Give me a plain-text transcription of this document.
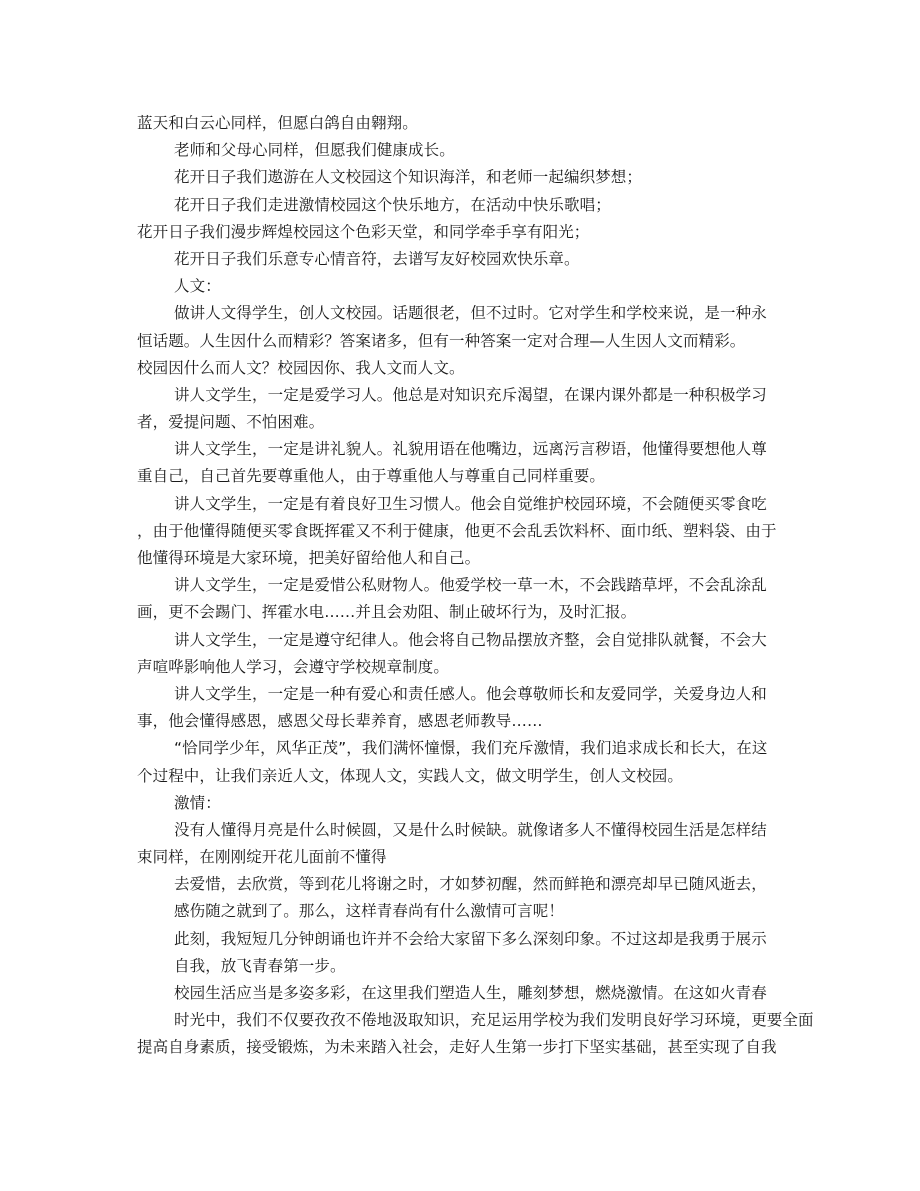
蓝天和白云心同样，但愿白鸽自由翱翔。
老师和父母心同样，但愿我们健康成长。
花开日子我们遨游在人文校园这个知识海洋，和老师一起编织梦想；
花开日子我们走进激情校园这个快乐地方，在活动中快乐歌唱；
花开日子我们漫步辉煌校园这个色彩天堂，和同学牵手享有阳光；
花开日子我们乐意专心情音符，去谱写友好校园欢快乐章。
人文：
做讲人文得学生，创人文校园。话题很老，但不过时。它对学生和学校来说，是一种永
恒话题。人生因什么而精彩？答案诸多，但有一种答案一定对合理—人生因人文而精彩。
校园因什么而人文？校园因你、我人文而人文。
讲人文学生，一定是爱学习人。他总是对知识充斥渴望，在课内课外都是一种积极学习
者，爱提问题、不怕困难。
讲人文学生，一定是讲礼貌人。礼貌用语在他嘴边，远离污言秽语，他懂得要想他人尊
重自己，自己首先要尊重他人，由于尊重他人与尊重自己同样重要。
讲人文学生，一定是有着良好卫生习惯人。他会自觉维护校园环境，不会随便买零食吃
，由于他懂得随便买零食既挥霍又不利于健康，他更不会乱丢饮料杯、面巾纸、塑料袋、由于
他懂得环境是大家环境，把美好留给他人和自己。
讲人文学生，一定是爱惜公私财物人。他爱学校一草一木，不会践踏草坪，不会乱涂乱
画，更不会踢门、挥霍水电……并且会劝阻、制止破坏行为，及时汇报。
讲人文学生，一定是遵守纪律人。他会将自己物品摆放齐整，会自觉排队就餐，不会大
声喧哗影响他人学习，会遵守学校规章制度。
讲人文学生，一定是一种有爱心和责任感人。他会尊敬师长和友爱同学，关爱身边人和
事，他会懂得感恩，感恩父母长辈养育，感恩老师教导……
“恰同学少年，风华正茂”，我们满怀憧憬，我们充斥激情，我们追求成长和长大，在这
个过程中，让我们亲近人文，体现人文，实践人文，做文明学生，创人文校园。
激情：
没有人懂得月亮是什么时候圆，又是什么时候缺。就像诸多人不懂得校园生活是怎样结
束同样，在刚刚绽开花儿面前不懂得
去爱惜，去欣赏，等到花儿将谢之时，才如梦初醒，然而鲜艳和漂亮却早已随风逝去，
感伤随之就到了。那么，这样青春尚有什么激情可言呢！
此刻，我短短几分钟朗诵也许并不会给大家留下多么深刻印象。不过这却是我勇于展示
自我，放飞青春第一步。
校园生活应当是多姿多彩，在这里我们塑造人生，雕刻梦想，燃烧激情。在这如火青春
时光中，我们不仅要孜孜不倦地汲取知识，充足运用学校为我们发明良好学习环境，更要全面
提高自身素质，接受锻炼，为未来踏入社会，走好人生第一步打下坚实基础，甚至实现了自我
